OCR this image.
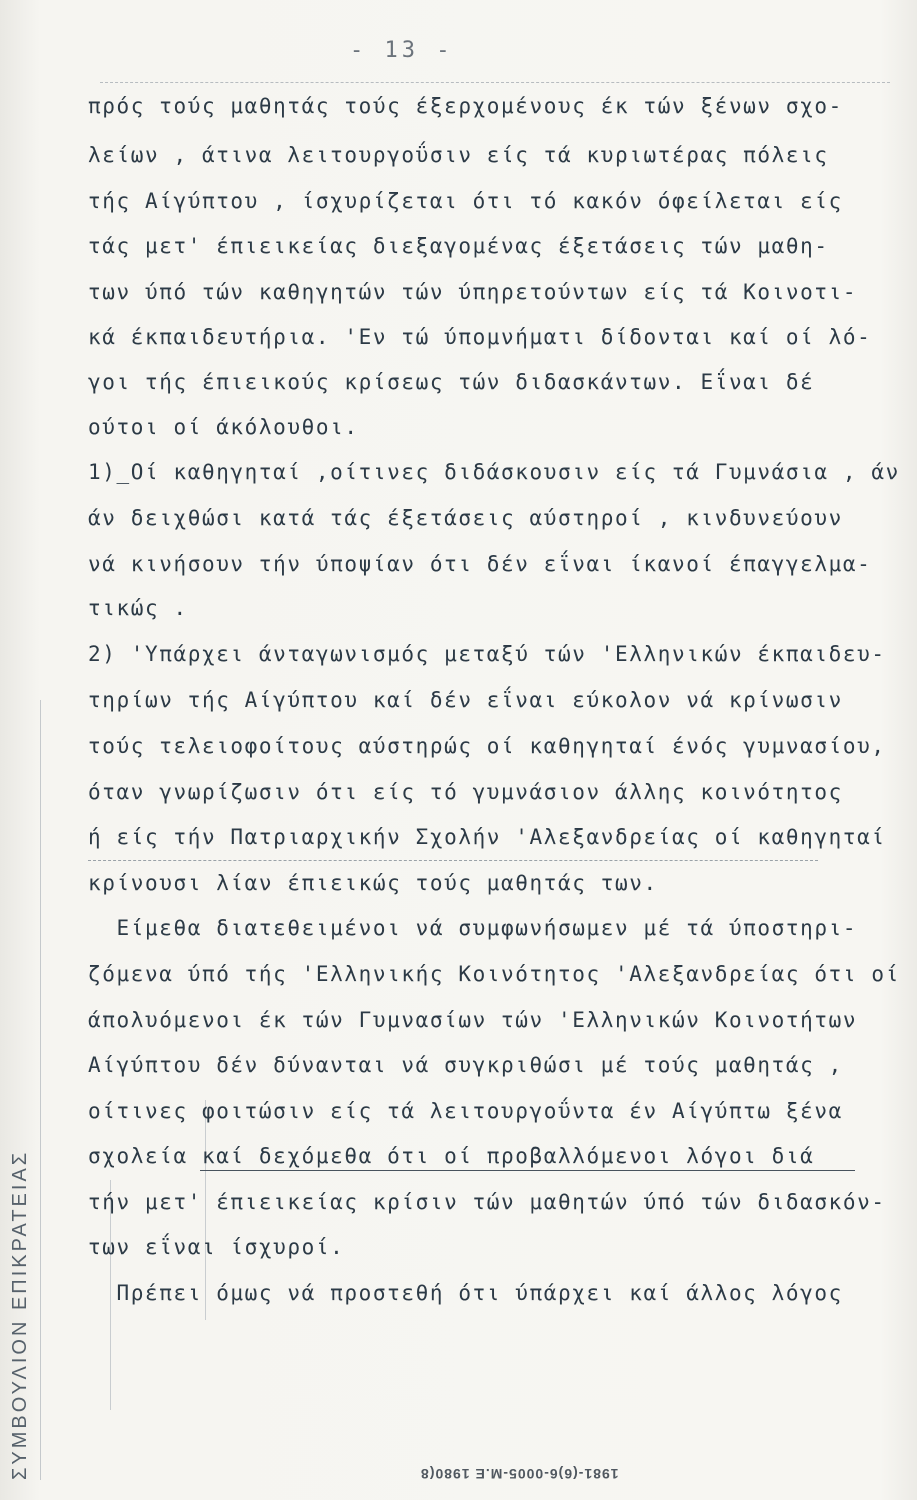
- 13 -
ΣΥΜΒΟΥΛΙΟΝ ΕΠΙΚΡΑΤΕΙΑΣ
πρός τούς μαθητάς τούς έξερχομένους έκ τών ξένων σχο-
λείων , άτινα λειτουργοΰσιν είς τά κυριωτέρας πόλεις
τής Αίγύπτου , ίσχυρίζεται ότι τό κακόν όφείλεται είς
τάς μετ' έπιεικείας διεξαγομένας έξετάσεις τών μαθη-
των ύπό τών καθηγητών τών ύπηρετούντων είς τά Κοινοτι-
κά έκπαιδευτήρια. 'Εν τώ ύπομνήματι δίδονται καί οί λό-
γοι τής έπιεικούς κρίσεως τών διδασκάντων. Εΐναι δέ
ούτοι οί άκόλουθοι.
1)_Οί καθηγηταί ,οίτινες διδάσκουσιν είς τά Γυμνάσια , άν
άν δειχθώσι κατά τάς έξετάσεις αύστηροί , κινδυνεύουν
νά κινήσουν τήν ύποψίαν ότι δέν εΐναι ίκανοί έπαγγελμα-
τικώς .
2) 'Υπάρχει άνταγωνισμός μεταξύ τών 'Ελληνικών έκπαιδευ-
τηρίων τής Αίγύπτου καί δέν εΐναι εύκολον νά κρίνωσιν
τούς τελειοφοίτους αύστηρώς οί καθηγηταί ένός γυμνασίου,
όταν γνωρίζωσιν ότι είς τό γυμνάσιον άλλης κοινότητος
ή είς τήν Πατριαρχικήν Σχολήν 'Αλεξανδρείας οί καθηγηταί
κρίνουσι λίαν έπιεικώς τούς μαθητάς των.
Είμεθα διατεθειμένοι νά συμφωνήσωμεν μέ τά ύποστηρι-
ζόμενα ύπό τής 'Ελληνικής Κοινότητος 'Αλεξανδρείας ότι οί
άπολυόμενοι έκ τών Γυμνασίων τών 'Ελληνικών Κοινοτήτων
Αίγύπτου δέν δύνανται νά συγκριθώσι μέ τούς μαθητάς ,
οίτινες φοιτώσιν είς τά λειτουργοΰντα έν Αίγύπτω ξένα
σχολεία καί δεχόμεθα ότι οί προβαλλόμενοι λόγοι διά
τήν μετ' έπιεικείας κρίσιν τών μαθητών ύπό τών διδασκόν-
των εΐναι ίσχυροί.
Πρέπει όμως νά προστεθή ότι ύπάρχει καί άλλος λόγος
1981-(6)6-0005-M.E 1980(8
